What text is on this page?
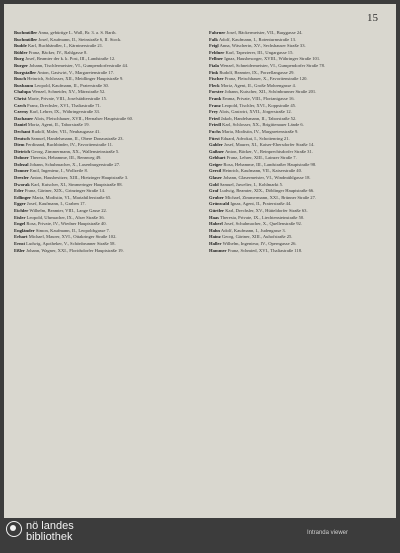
15
Buchmüller Anna, gebürtige L. Wall, Br. 3. a. S. Barth.
Buchmüller Josef, Kaufmann, II., Steinstraße 6, II. Stock.
Budde Karl, Buchhändler, I., Kärntnerstraße 21.
Bühler Franz, Bäcker, IV., Rahlgasse 8.
Burg Josef, Beamter der k. k. Post, III., Landstraße 12.
Burger Johann, Tischlermeister, VI., Gumpendorferstraße 44.
Burgstaller Anton, Gastwirt, V., Margaretenstraße 17.
Busch Heinrich, Schlosser, XII., Meidlinger Hauptstraße 9.
Buxbaum Leopold, Kaufmann, II., Praterstraße 30.
Chalupa Wenzel, Schneider, XV., Märzstraße 52.
Christ Marie, Private, VIII., Josefstädterstraße 15.
Czech Franz, Drechsler, XVI., Thaliastraße 71.
Czerny Karl, Lehrer, IX., Währingerstraße 33.
Dachauer Alois, Fleischhauer, XVII., Hernalser Hauptstraße 60.
Daniel Moriz, Agent, II., Taborstraße 19.
Dechant Rudolf, Maler, VII., Neubaugasse 41.
Deutsch Samuel, Handelsmann, II., Obere Donaustraße 23.
Diem Ferdinand, Buchbinder, IV., Favoritenstraße 11.
Dietrich Georg, Zimmermann, XX., Wallensteinstraße 5.
Dobner Theresia, Hebamme, III., Rennweg 49.
Dolezal Johann, Schuhmacher, X., Laxenburgerstraße 27.
Donner Emil, Ingenieur, I., Wollzeile 8.
Drexler Anton, Hausbesitzer, XIII., Hietzinger Hauptstraße 3.
Dworak Karl, Kutscher, XI., Simmeringer Hauptstraße 88.
Eder Franz, Gärtner, XIX., Grinzinger Straße 14.
Edlinger Maria, Modistin, VI., Mariahilferstraße 65.
Egger Josef, Kaufmann, I., Graben 17.
Eichler Wilhelm, Beamter, VIII., Lange Gasse 22.
Eisler Leopold, Uhrmacher, IX., Alser Straße 36.
Engel Rosa, Private, IV., Wiedner Hauptstraße 40.
Engländer Simon, Kaufmann, II., Leopoldsgasse 7.
Erhart Michael, Maurer, XVI., Ottakringer Straße 102.
Ernst Ludwig, Apotheker, V., Schönbrunner Straße 58.
Eßler Johann, Wagner, XXI., Floridsdorfer Hauptstraße 19.
Fahrner Josef, Bäckermeister, VII., Burggasse 24.
Falk Adolf, Kaufmann, I., Rotenturmstraße 13.
Feigl Anna, Wäscherin, XV., Sechshauser Straße 33.
Feldner Karl, Tapezierer, III., Ungargasse 15.
Fellner Ignaz, Hausbesorger, XVIII., Währinger Straße 101.
Fiala Wenzel, Schneidermeister, VI., Gumpendorfer Straße 78.
Fink Rudolf, Beamter, IX., Porzellangasse 29.
Fischer Franz, Fleischhauer, X., Favoritenstraße 120.
Fleck Moriz, Agent, II., Große Mohrengasse 4.
Forster Johann, Kutscher, XII., Schönbrunner Straße 201.
Frank Emma, Private, VIII., Florianigasse 16.
Franz Leopold, Tischler, XVI., Koppstraße 45.
Frey Alois, Gastwirt, XVII., Jörgerstraße 12.
Fried Jakob, Handelsmann, II., Taborstraße 52.
Friedl Karl, Schlosser, XX., Brigittenauer Lände 6.
Fuchs Maria, Modistin, IV., Margaretenstraße 9.
Fürst Eduard, Advokat, I., Schottenring 21.
Gabler Josef, Maurer, XI., Kaiser-Ebersdorfer Straße 14.
Gaßner Anton, Bäcker, V., Reinprechtsdorfer Straße 31.
Gebhart Franz, Lehrer, XIII., Lainzer Straße 7.
Geiger Rosa, Hebamme, III., Landstraßer Hauptstraße 98.
Gerstl Heinrich, Kaufmann, VII., Kaiserstraße 40.
Glaser Johann, Glasermeister, VI., Windmühlgasse 18.
Gold Samuel, Juwelier, I., Kohlmarkt 5.
Graf Ludwig, Beamter, XIX., Döblinger Hauptstraße 66.
Gruber Michael, Zimmermann, XXI., Brünner Straße 27.
Grünwald Ignaz, Agent, II., Praterstraße 44.
Gürtler Karl, Drechsler, XV., Hütteldorfer Straße 63.
Haas Theresia, Private, IX., Liechtensteinstraße 50.
Haberl Josef, Schuhmacher, X., Quellenstraße 92.
Hahn Adolf, Kaufmann, I., Judengasse 3.
Hainz Georg, Gärtner, XIII., Auhofstraße 25.
Haller Wilhelm, Ingenieur, IV., Operngasse 26.
Hammer Franz, Schmied, XVI., Thaliastraße 118.
nö landes
bibliothek	Intranda viewer
